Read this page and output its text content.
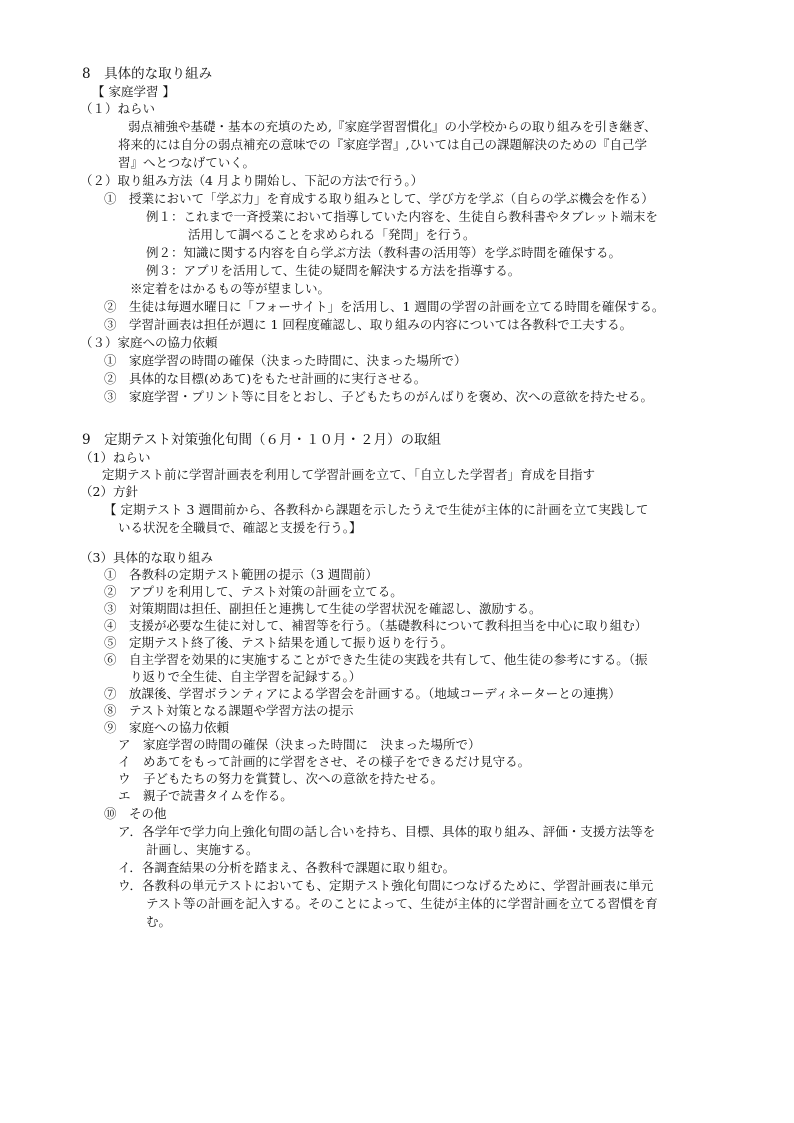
8　具体的な取り組み
【 家庭学習 】
（１）ねらい
弱点補強や基礎・基本の充填のため,『家庭学習習慣化』の小学校からの取り組みを引き継ぎ、
将来的には自分の弱点補充の意味での『家庭学習』,ひいては自己の課題解決のための『自己学
習』へとつなげていく。
（２）取り組み方法（4 月より開始し、下記の方法で行う。）
①　授業において「学ぶ力」を育成する取り組みとして、学び方を学ぶ（自らの学ぶ機会を作る）
例１：これまで一斉授業において指導していた内容を、生徒自ら教科書やタブレット端末を
活用して調べることを求められる「発問」を行う。
例２：知識に関する内容を自ら学ぶ方法（教科書の活用等）を学ぶ時間を確保する。
例３：アプリを活用して、生徒の疑問を解決する方法を指導する。
※定着をはかるもの等が望ましい。
②　生徒は毎週水曜日に「フォーサイト」を活用し、1 週間の学習の計画を立てる時間を確保する。
③　学習計画表は担任が週に 1 回程度確認し、取り組みの内容については各教科で工夫する。
（３）家庭への協力依頼
①　家庭学習の時間の確保（決まった時間に、決まった場所で）
②　具体的な目標(めあて)をもたせ計画的に実行させる。
③　家庭学習・プリント等に目をとおし、子どもたちのがんばりを褒め、次への意欲を持たせる。
9　定期テスト対策強化旬間（６月・１０月・２月）の取組
（1）ねらい
定期テスト前に学習計画表を利用して学習計画を立て、「自立した学習者」育成を目指す
（2）方針
【 定期テスト 3 週間前から、各教科から課題を示したうえで生徒が主体的に計画を立て実践して
いる状況を全職員で、確認と支援を行う。】
（3）具体的な取り組み
①　各教科の定期テスト範囲の提示（3 週間前）
②　アプリを利用して、テスト対策の計画を立てる。
③　対策期間は担任、副担任と連携して生徒の学習状況を確認し、激励する。
④　支援が必要な生徒に対して、補習等を行う。（基礎教科について教科担当を中心に取り組む）
⑤　定期テスト終了後、テスト結果を通して振り返りを行う。
⑥　自主学習を効果的に実施することができた生徒の実践を共有して、他生徒の参考にする。（振
り返りで全生徒、自主学習を記録する。）
⑦　放課後、学習ボランティアによる学習会を計画する。（地域コーディネーターとの連携）
⑧　テスト対策となる課題や学習方法の提示
⑨　家庭への協力依頼
ア　家庭学習の時間の確保（決まった時間に　決まった場所で）
イ　めあてをもって計画的に学習をさせ、その様子をできるだけ見守る。
ウ　子どもたちの努力を賞賛し、次への意欲を持たせる。
エ　親子で読書タイムを作る。
⑩　その他
ア．各学年で学力向上強化旬間の話し合いを持ち、目標、具体的取り組み、評価・支援方法等を
計画し、実施する。
イ．各調査結果の分析を踏まえ、各教科で課題に取り組む。
ウ．各教科の単元テストにおいても、定期テスト強化旬間につなげるために、学習計画表に単元
テスト等の計画を記入する。そのことによって、生徒が主体的に学習計画を立てる習慣を育
む。
